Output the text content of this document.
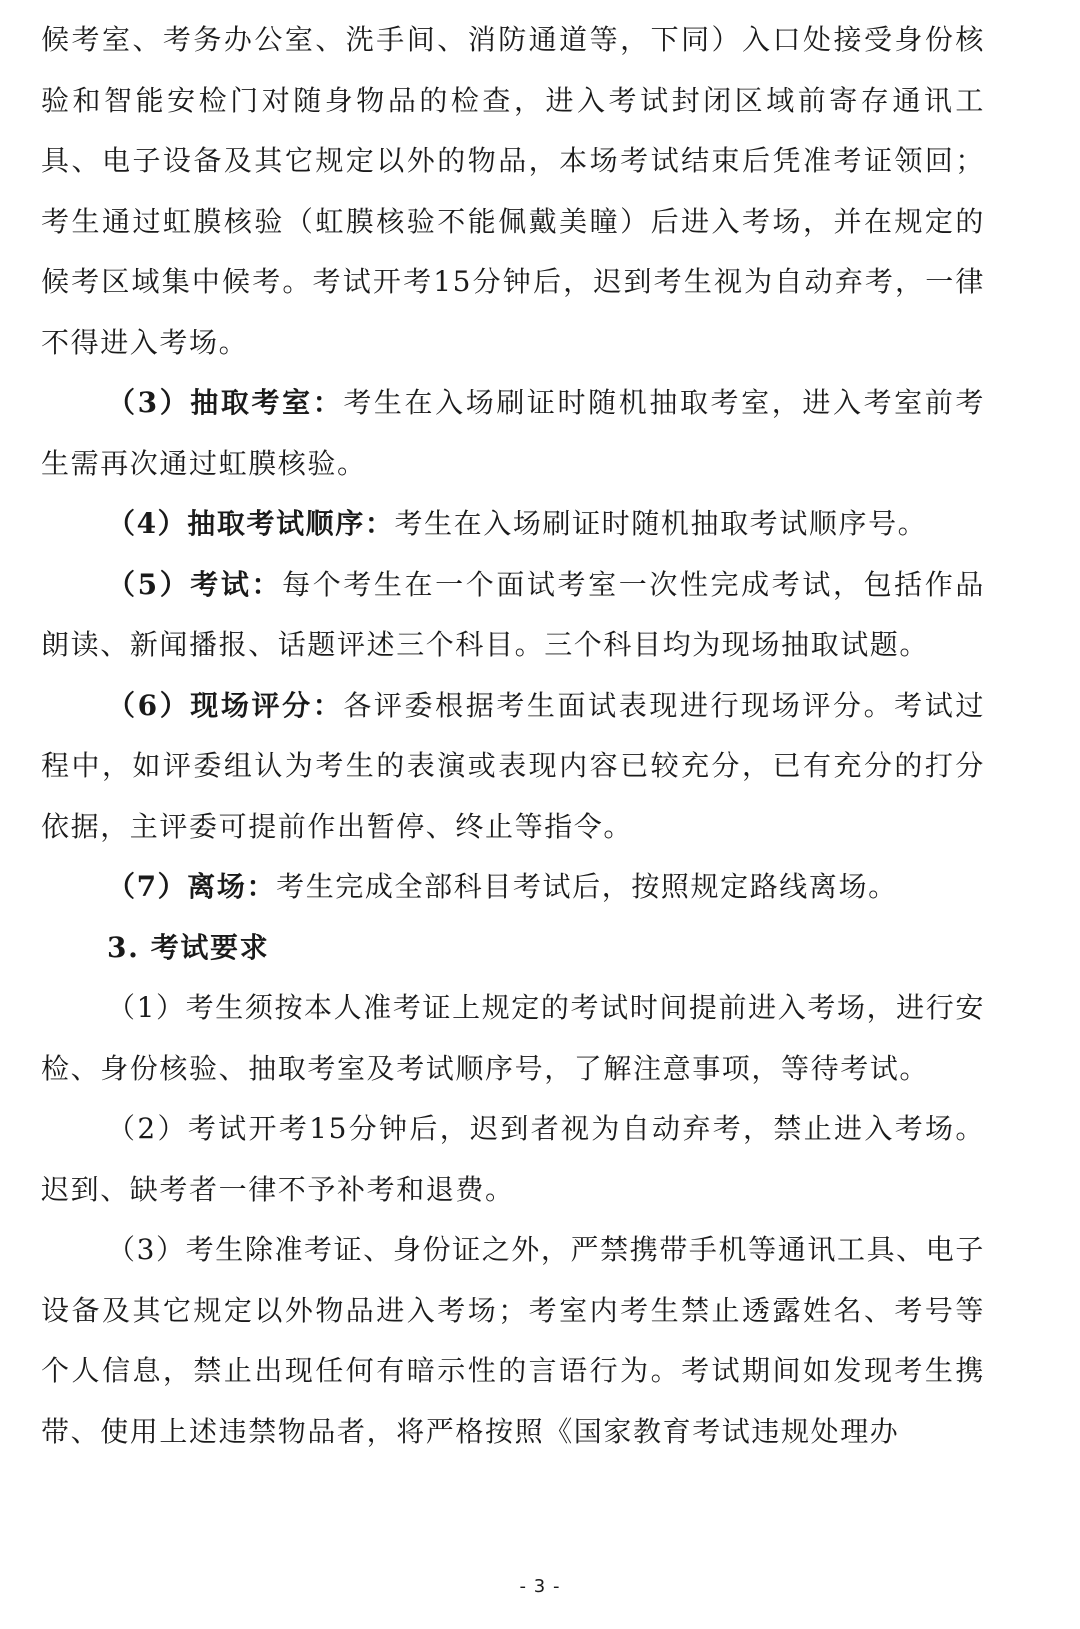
候考室、考务办公室、洗手间、消防通道等，下同）入口处接受身份核验和智能安检门对随身物品的检查，进入考试封闭区域前寄存通讯工具、电子设备及其它规定以外的物品，本场考试结束后凭准考证领回；考生通过虹膜核验（虹膜核验不能佩戴美瞳）后进入考场，并在规定的候考区域集中候考。考试开考15分钟后，迟到考生视为自动弃考，一律不得进入考场。

（3）抽取考室：考生在入场刷证时随机抽取考室，进入考室前考生需再次通过虹膜核验。

（4）抽取考试顺序：考生在入场刷证时随机抽取考试顺序号。

（5）考试：每个考生在一个面试考室一次性完成考试，包括作品朗读、新闻播报、话题评述三个科目。三个科目均为现场抽取试题。

（6）现场评分：各评委根据考生面试表现进行现场评分。考试过程中，如评委组认为考生的表演或表现内容已较充分，已有充分的打分依据，主评委可提前作出暂停、终止等指令。

（7）离场：考生完成全部科目考试后，按照规定路线离场。

3. 考试要求

（1）考生须按本人准考证上规定的考试时间提前进入考场，进行安检、身份核验、抽取考室及考试顺序号，了解注意事项，等待考试。

（2）考试开考15分钟后，迟到者视为自动弃考，禁止进入考场。迟到、缺考者一律不予补考和退费。

（3）考生除准考证、身份证之外，严禁携带手机等通讯工具、电子设备及其它规定以外物品进入考场；考室内考生禁止透露姓名、考号等个人信息，禁止出现任何有暗示性的言语行为。考试期间如发现考生携带、使用上述违禁物品者，将严格按照《国家教育考试违规处理办

- 3 -
